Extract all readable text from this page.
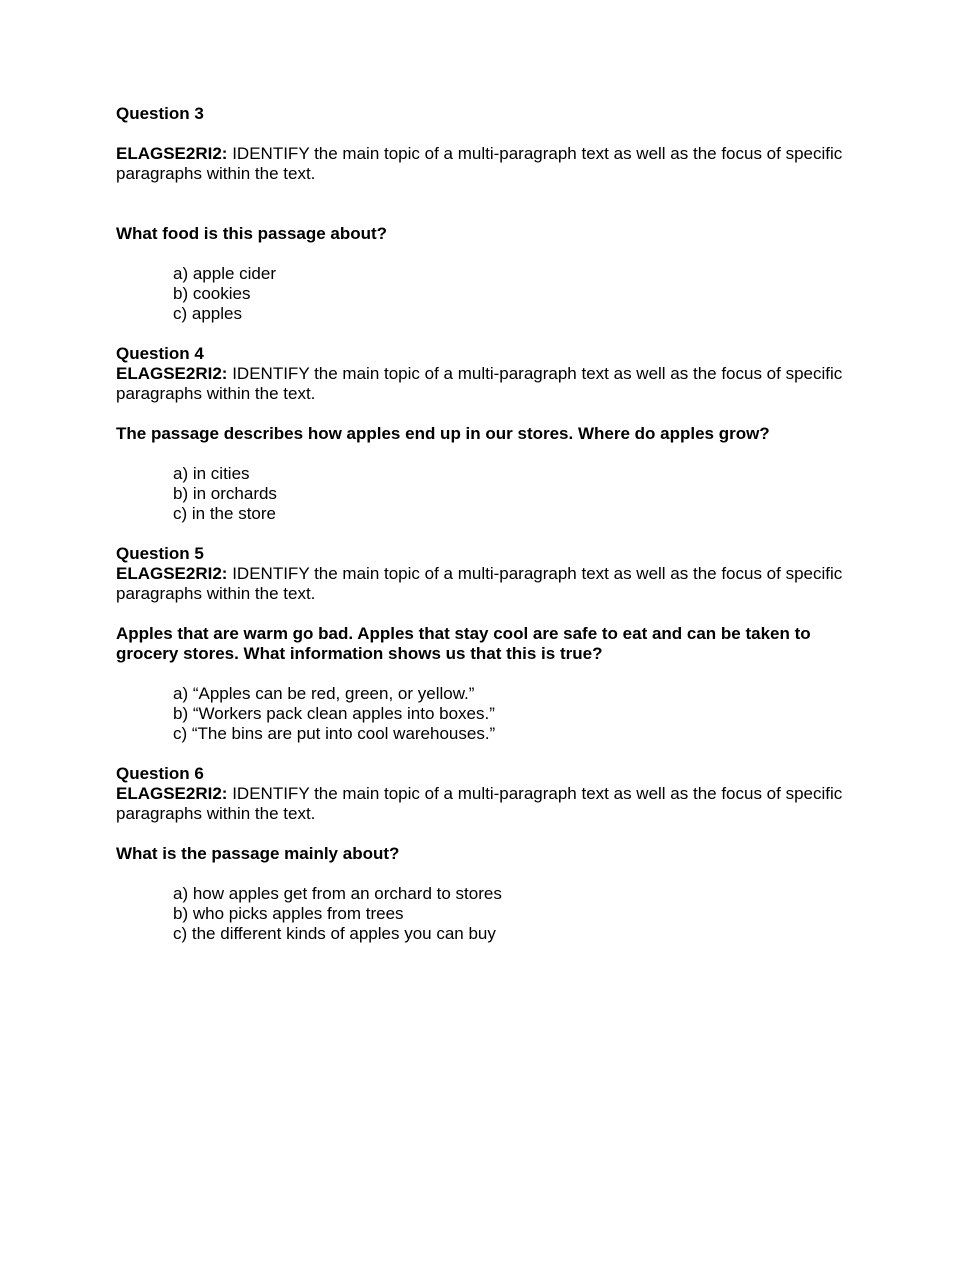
Question 3

ELAGSE2RI2: IDENTIFY the main topic of a multi-paragraph text as well as the focus of specific paragraphs within the text.

What food is this passage about?

a) apple cider
b) cookies
c) apples

Question 4

ELAGSE2RI2: IDENTIFY the main topic of a multi-paragraph text as well as the focus of specific paragraphs within the text.

The passage describes how apples end up in our stores. Where do apples grow?

a) in cities
b) in orchards
c) in the store

Question 5

ELAGSE2RI2: IDENTIFY the main topic of a multi-paragraph text as well as the focus of specific paragraphs within the text.

Apples that are warm go bad. Apples that stay cool are safe to eat and can be taken to grocery stores. What information shows us that this is true?

a) “Apples can be red, green, or yellow.”
b) “Workers pack clean apples into boxes.”
c) “The bins are put into cool warehouses.”

Question 6

ELAGSE2RI2: IDENTIFY the main topic of a multi-paragraph text as well as the focus of specific paragraphs within the text.

What is the passage mainly about?

a) how apples get from an orchard to stores
b) who picks apples from trees
c) the different kinds of apples you can buy
